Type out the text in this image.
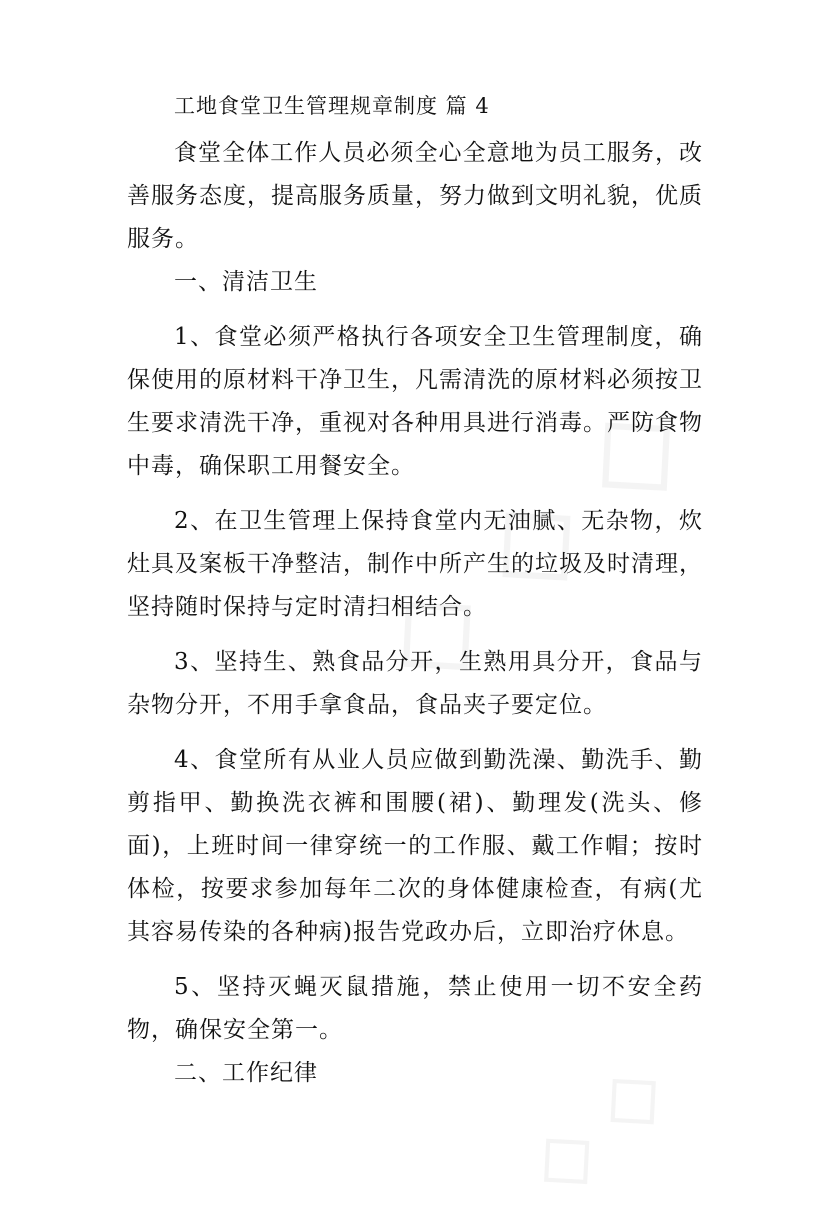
工地食堂卫生管理规章制度 篇 4

食堂全体工作人员必须全心全意地为员工服务，改善服务态度，提高服务质量，努力做到文明礼貌，优质服务。

一、清洁卫生

1、食堂必须严格执行各项安全卫生管理制度，确保使用的原材料干净卫生，凡需清洗的原材料必须按卫生要求清洗干净，重视对各种用具进行消毒。严防食物中毒，确保职工用餐安全。

2、在卫生管理上保持食堂内无油腻、无杂物，炊灶具及案板干净整洁，制作中所产生的垃圾及时清理，坚持随时保持与定时清扫相结合。

3、坚持生、熟食品分开，生熟用具分开，食品与杂物分开，不用手拿食品，食品夹子要定位。

4、食堂所有从业人员应做到勤洗澡、勤洗手、勤剪指甲、勤换洗衣裤和围腰(裙)、勤理发(洗头、修面)，上班时间一律穿统一的工作服、戴工作帽；按时体检，按要求参加每年二次的身体健康检查，有病(尤其容易传染的各种病)报告党政办后，立即治疗休息。

5、坚持灭蝇灭鼠措施，禁止使用一切不安全药物，确保安全第一。

二、工作纪律
